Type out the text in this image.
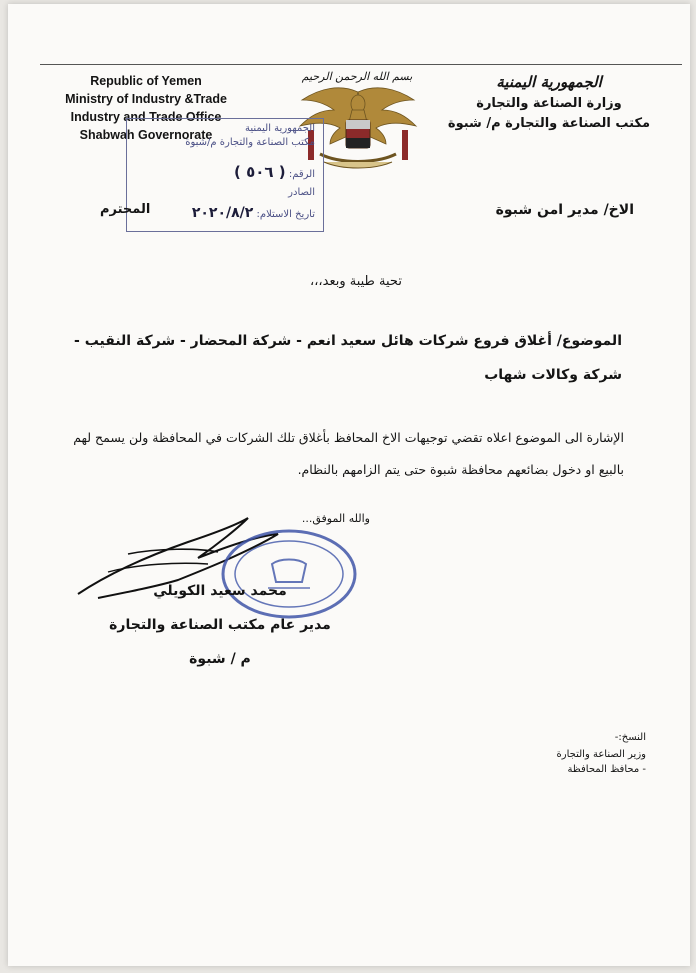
Republic of Yemen
Ministry of Industry &Trade
Industry and Trade Office
Shabwah Governorate
الجمهورية اليمنية
وزارة الصناعة والتجارة
مكتب الصناعة والتجارة م/ شبوة
بسم الله الرحمن الرحيم
الجمهورية اليمنية
مكتب الصناعة والتجارة م/شبوة
الرقم: ( ٥٠٦ )
الصادر
تاريخ الاستلام: ٢٠٢٠/٨/٢
المحترم	الاخ/ مدير امن شبوة
تحية طيبة وبعد،،،
الموضوع/ أغلاق فروع شركات هائل سعيد انعم - شركة المحضار - شركة النقيب - شركة وكالات شهاب
الإشارة الى الموضوع اعلاه تقضي توجيهات الاخ المحافظ بأغلاق تلك الشركات في المحافظة ولن يسمح لهم بالبيع او دخول بضائعهم محافظة شبوة حتى يتم الزامهم بالنظام.
والله الموفق...
محمد سعيد الكويلي
مدير عام مكتب الصناعة والتجارة
م / شبوة
النسخ:-
وزير الصناعة والتجارة
- محافظ المحافظة
